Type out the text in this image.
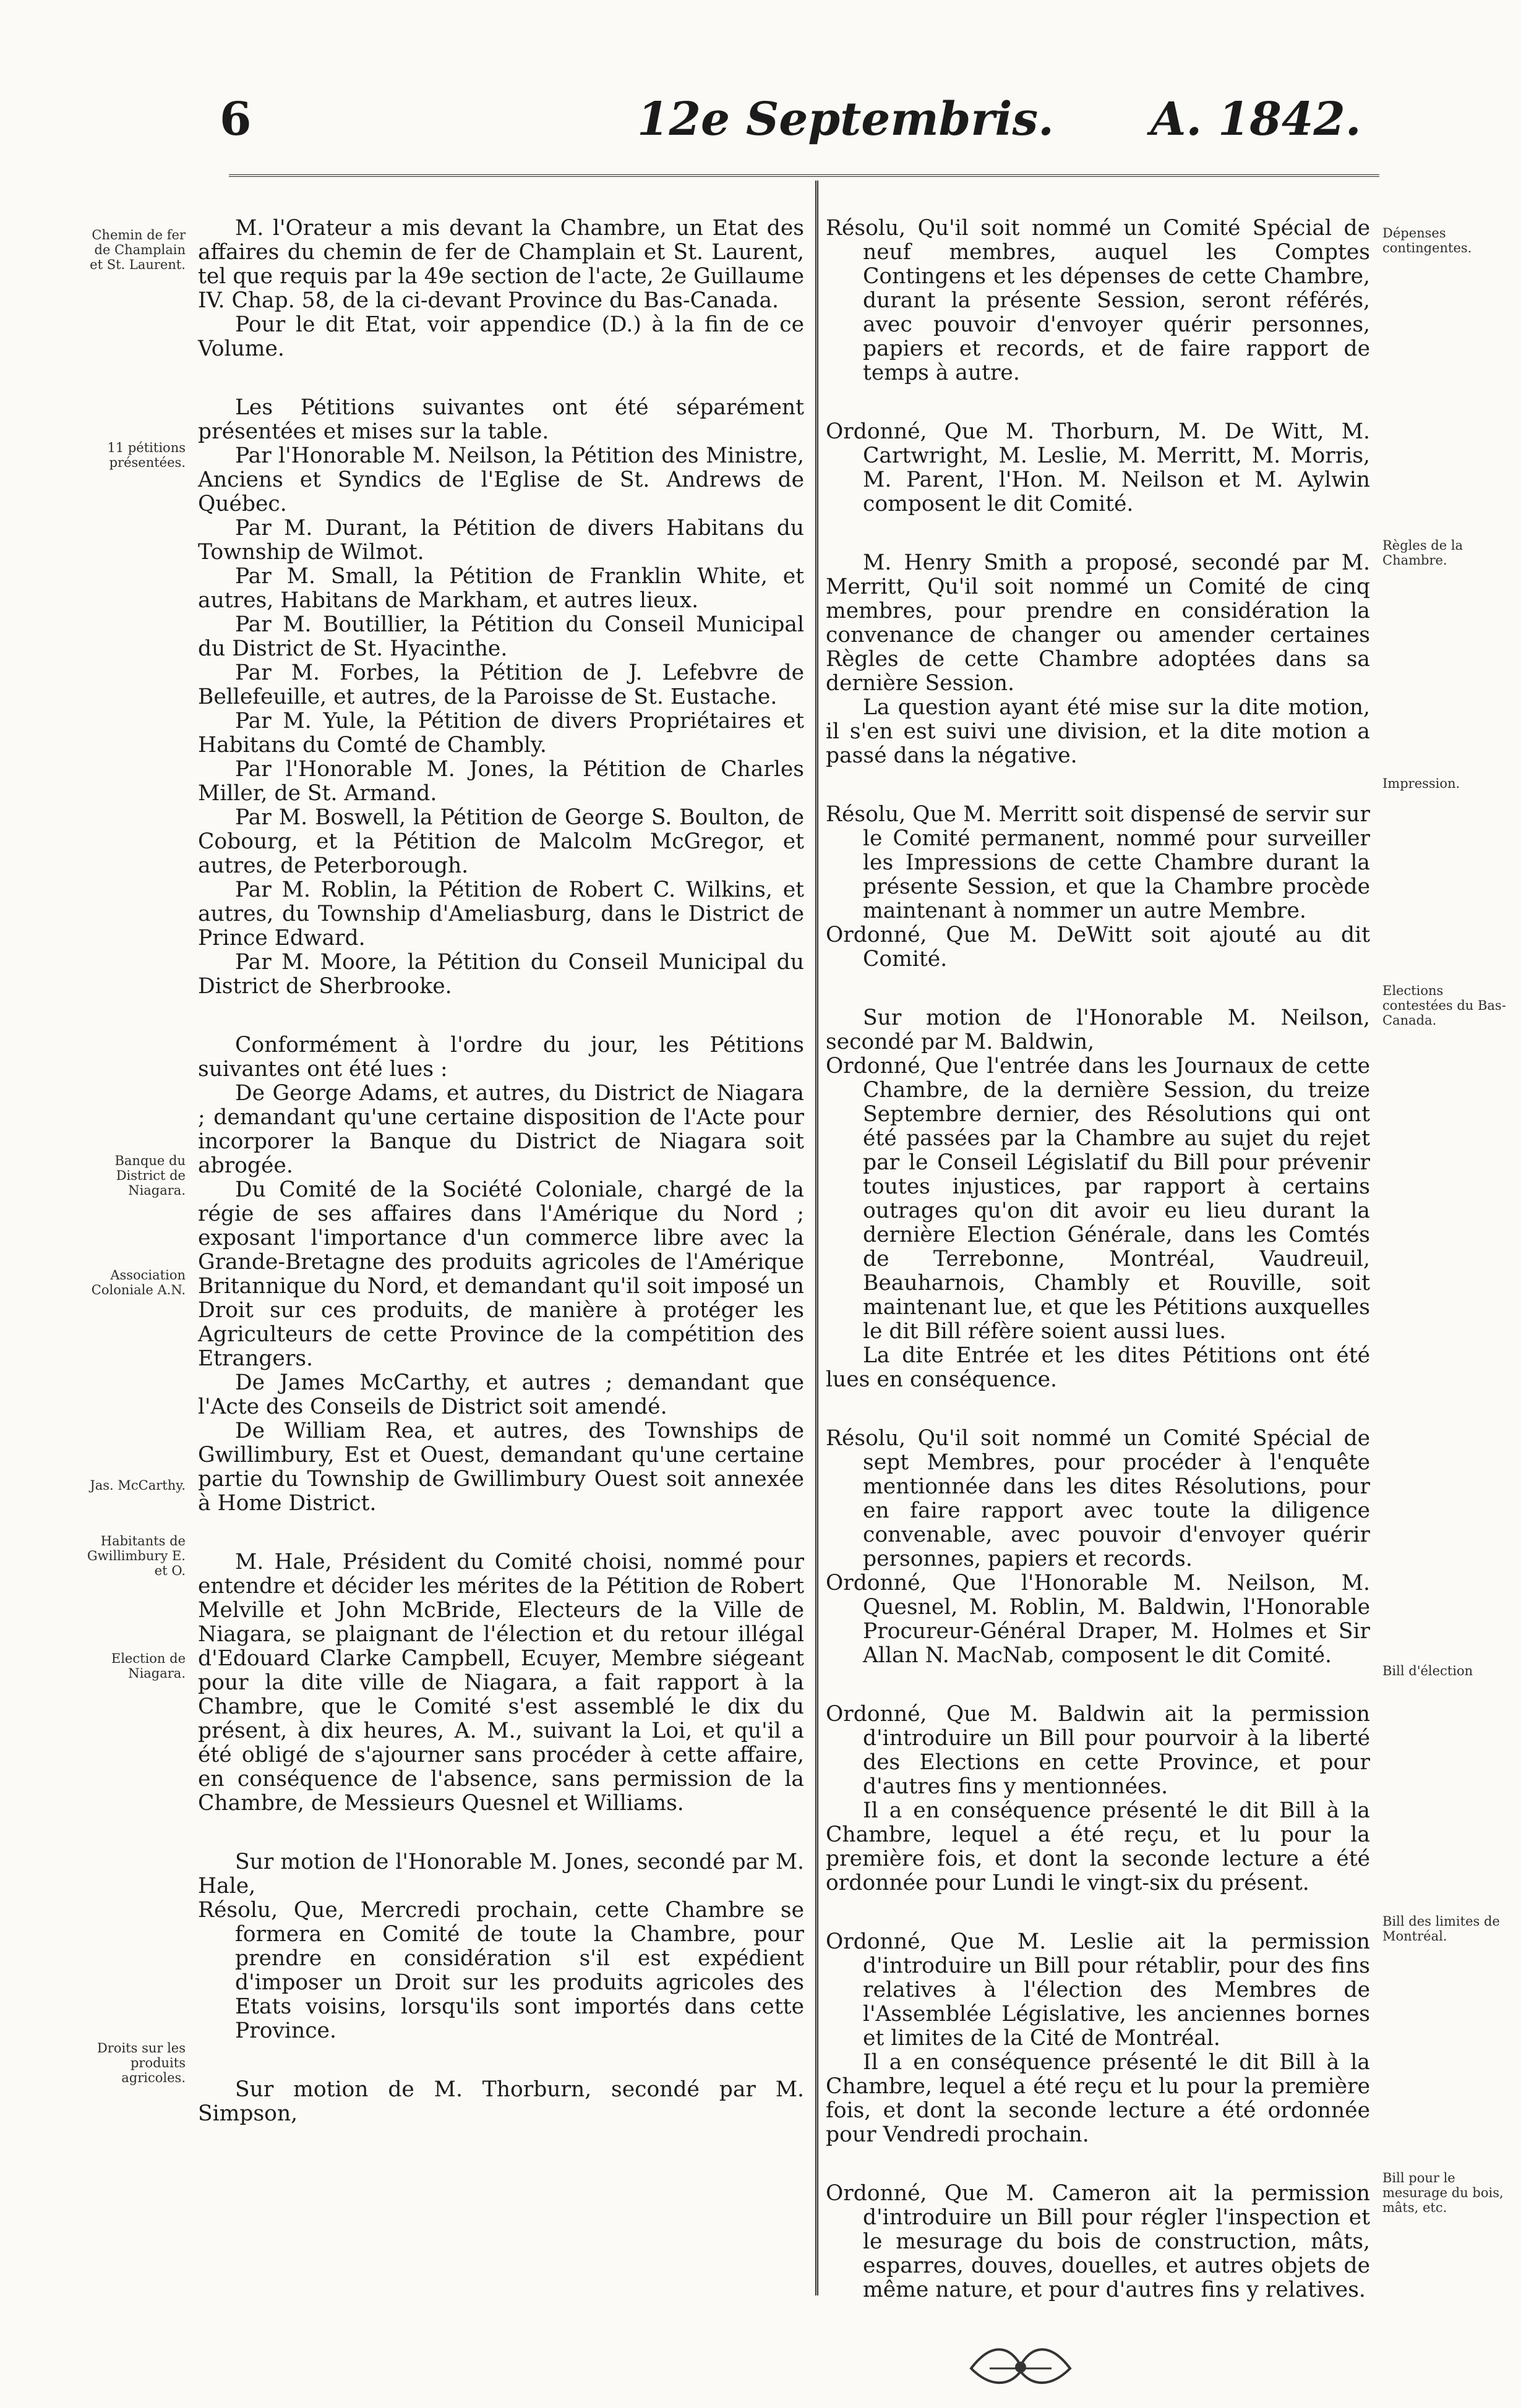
6	12e Septembris. A. 1842.
Chemin de fer de Champlain et St. Laurent.
11 pétitions présentées.
Banque du District de Niagara.
Association Coloniale A.N.
Jas. McCarthy.
Habitants de Gwillimbury E. et O.
Election de Niagara.
Droits sur les produits agricoles.
Dépenses contingentes.
Règles de la Chambre.
Impression.
Elections contestées du Bas-Canada.
Bill d'élection
Bill des limites de Montréal.
Bill pour le mesurage du bois, mâts, etc.

M. l'Orateur a mis devant la Chambre, un Etat des affaires du chemin de fer de Champlain et St. Laurent, tel que requis par la 49e section de l'acte, 2e Guillaume IV. Chap. 58, de la ci-devant Province du Bas-Canada.

Pour le dit Etat, voir appendice (D.) à la fin de ce Volume.

Les Pétitions suivantes ont été séparément présentées et mises sur la table.

Par l'Honorable M. Neilson, la Pétition des Ministre, Anciens et Syndics de l'Eglise de St. Andrews de Québec.

Par M. Durant, la Pétition de divers Habitans du Township de Wilmot.

Par M. Small, la Pétition de Franklin White, et autres, Habitans de Markham, et autres lieux.

Par M. Boutillier, la Pétition du Conseil Municipal du District de St. Hyacinthe.

Par M. Forbes, la Pétition de J. Lefebvre de Bellefeuille, et autres, de la Paroisse de St. Eustache.

Par M. Yule, la Pétition de divers Propriétaires et Habitans du Comté de Chambly.

Par l'Honorable M. Jones, la Pétition de Charles Miller, de St. Armand.

Par M. Boswell, la Pétition de George S. Boulton, de Cobourg, et la Pétition de Malcolm McGregor, et autres, de Peterborough.

Par M. Roblin, la Pétition de Robert C. Wilkins, et autres, du Township d'Ameliasburg, dans le District de Prince Edward.

Par M. Moore, la Pétition du Conseil Municipal du District de Sherbrooke.

Conformément à l'ordre du jour, les Pétitions suivantes ont été lues :

De George Adams, et autres, du District de Niagara ; demandant qu'une certaine disposition de l'Acte pour incorporer la Banque du District de Niagara soit abrogée.

Du Comité de la Société Coloniale, chargé de la régie de ses affaires dans l'Amérique du Nord ; exposant l'importance d'un commerce libre avec la Grande-Bretagne des produits agricoles de l'Amérique Britannique du Nord, et demandant qu'il soit imposé un Droit sur ces produits, de manière à protéger les Agriculteurs de cette Province de la compétition des Etrangers.

De James McCarthy, et autres ; demandant que l'Acte des Conseils de District soit amendé.

De William Rea, et autres, des Townships de Gwillimbury, Est et Ouest, demandant qu'une certaine partie du Township de Gwillimbury Ouest soit annexée à Home District.

M. Hale, Président du Comité choisi, nommé pour entendre et décider les mérites de la Pétition de Robert Melville et John McBride, Electeurs de la Ville de Niagara, se plaignant de l'élection et du retour illégal d'Edouard Clarke Campbell, Ecuyer, Membre siégeant pour la dite ville de Niagara, a fait rapport à la Chambre, que le Comité s'est assemblé le dix du présent, à dix heures, A. M., suivant la Loi, et qu'il a été obligé de s'ajourner sans procéder à cette affaire, en conséquence de l'absence, sans permission de la Chambre, de Messieurs Quesnel et Williams.

Sur motion de l'Honorable M. Jones, secondé par M. Hale,

Résolu, Que, Mercredi prochain, cette Chambre se formera en Comité de toute la Chambre, pour prendre en considération s'il est expédient d'imposer un Droit sur les produits agricoles des Etats voisins, lorsqu'ils sont importés dans cette Province.

Sur motion de M. Thorburn, secondé par M. Simpson,

Résolu, Qu'il soit nommé un Comité Spécial de neuf membres, auquel les Comptes Contingens et les dépenses de cette Chambre, durant la présente Session, seront référés, avec pouvoir d'envoyer quérir personnes, papiers et records, et de faire rapport de temps à autre.

Ordonné, Que M. Thorburn, M. De Witt, M. Cartwright, M. Leslie, M. Merritt, M. Morris, M. Parent, l'Hon. M. Neilson et M. Aylwin composent le dit Comité.

M. Henry Smith a proposé, secondé par M. Merritt, Qu'il soit nommé un Comité de cinq membres, pour prendre en considération la convenance de changer ou amender certaines Règles de cette Chambre adoptées dans sa dernière Session.

La question ayant été mise sur la dite motion, il s'en est suivi une division, et la dite motion a passé dans la négative.

Résolu, Que M. Merritt soit dispensé de servir sur le Comité permanent, nommé pour surveiller les Impressions de cette Chambre durant la présente Session, et que la Chambre procède maintenant à nommer un autre Membre.

Ordonné, Que M. DeWitt soit ajouté au dit Comité.

Sur motion de l'Honorable M. Neilson, secondé par M. Baldwin,

Ordonné, Que l'entrée dans les Journaux de cette Chambre, de la dernière Session, du treize Septembre dernier, des Résolutions qui ont été passées par la Chambre au sujet du rejet par le Conseil Législatif du Bill pour prévenir toutes injustices, par rapport à certains outrages qu'on dit avoir eu lieu durant la dernière Election Générale, dans les Comtés de Terrebonne, Montréal, Vaudreuil, Beauharnois, Chambly et Rouville, soit maintenant lue, et que les Pétitions auxquelles le dit Bill réfère soient aussi lues.

La dite Entrée et les dites Pétitions ont été lues en conséquence.

Résolu, Qu'il soit nommé un Comité Spécial de sept Membres, pour procéder à l'enquête mentionnée dans les dites Résolutions, pour en faire rapport avec toute la diligence convenable, avec pouvoir d'envoyer quérir personnes, papiers et records.

Ordonné, Que l'Honorable M. Neilson, M. Quesnel, M. Roblin, M. Baldwin, l'Honorable Procureur-Général Draper, M. Holmes et Sir Allan N. MacNab, composent le dit Comité.

Ordonné, Que M. Baldwin ait la permission d'introduire un Bill pour pourvoir à la liberté des Elections en cette Province, et pour d'autres fins y mentionnées.

Il a en conséquence présenté le dit Bill à la Chambre, lequel a été reçu, et lu pour la première fois, et dont la seconde lecture a été ordonnée pour Lundi le vingt-six du présent.

Ordonné, Que M. Leslie ait la permission d'introduire un Bill pour rétablir, pour des fins relatives à l'élection des Membres de l'Assemblée Législative, les anciennes bornes et limites de la Cité de Montréal.

Il a en conséquence présenté le dit Bill à la Chambre, lequel a été reçu et lu pour la première fois, et dont la seconde lecture a été ordonnée pour Vendredi prochain.

Ordonné, Que M. Cameron ait la permission d'introduire un Bill pour régler l'inspection et le mesurage du bois de construction, mâts, esparres, douves, douelles, et autres objets de même nature, et pour d'autres fins y relatives.
